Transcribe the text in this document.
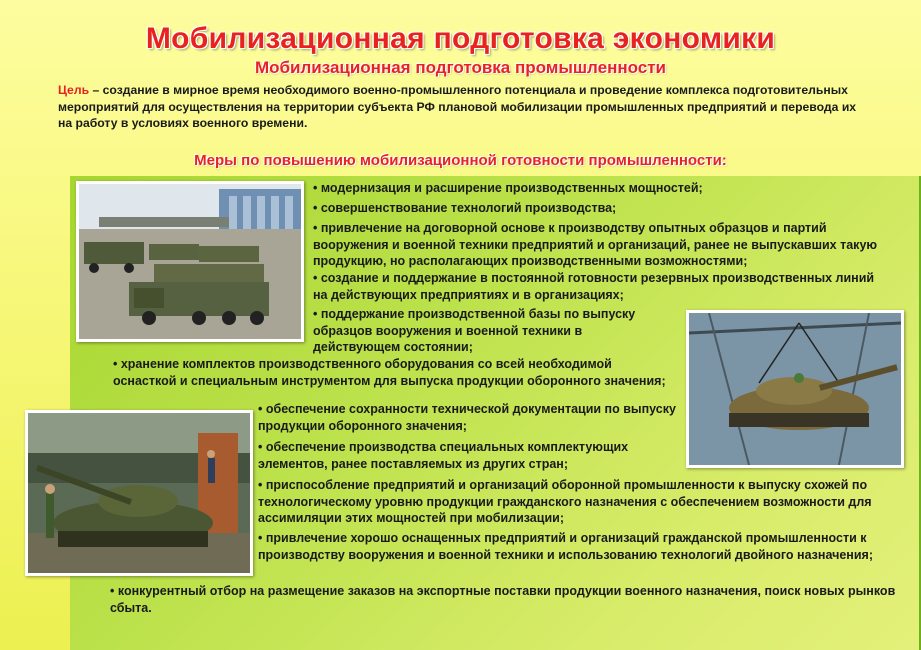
Мобилизационная подготовка экономики
Мобилизационная подготовка промышленности
Цель – создание в мирное время необходимого военно-промышленного потенциала и проведение комплекса подготовительных мероприятий для осуществления на территории субъекта РФ плановой мобилизации промышленных предприятий и перевода их на работу в условиях военного времени.
Меры по повышению мобилизационной готовности промышленности:
• модернизация и расширение производственных мощностей;
• совершенствование технологий производства;
• привлечение на договорной основе к производству опытных образцов и партий вооружения и военной техники предприятий и организаций, ранее не выпускавших такую продукцию, но располагающих производственными возможностями;
• создание и поддержание в постоянной готовности резервных производственных линий на действующих предприятиях и в организациях;
• поддержание производственной базы по выпуску образцов вооружения и военной техники в действующем состоянии;
• хранение комплектов производственного оборудования со всей необходимой оснасткой и специальным инструментом для выпуска продукции оборонного значения;
• обеспечение сохранности технической документации по выпуску продукции оборонного значения;
• обеспечение производства специальных комплектующих элементов, ранее поставляемых из других стран;
• приспособление предприятий и организаций оборонной промышленности к выпуску схожей по технологическому уровню продукции гражданского назначения с обеспечением возможности для ассимиляции этих мощностей при мобилизации;
• привлечение хорошо оснащенных предприятий и организаций гражданской промышленности к производству вооружения и военной техники и использованию технологий двойного назначения;
• конкурентный отбор на размещение заказов на экспортные поставки продукции военного назначения, поиск новых рынков сбыта.
